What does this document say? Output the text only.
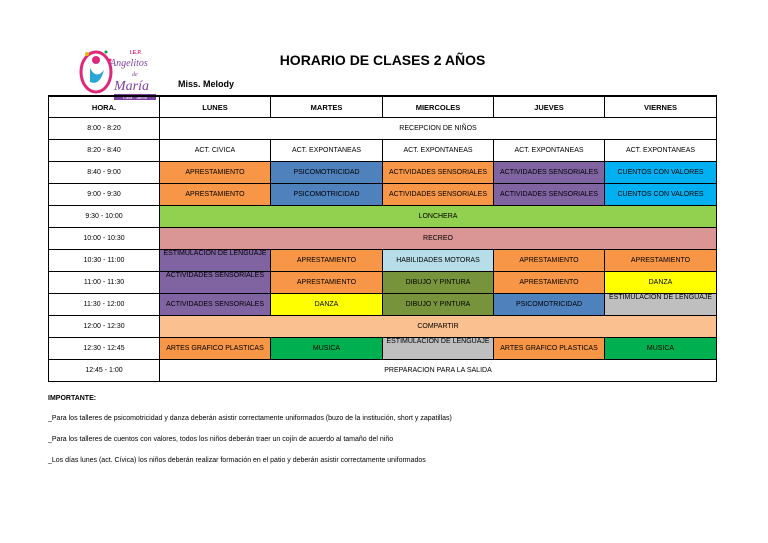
I.E.P.
Angelitos
de
María
Casa - Jardín
HORARIO DE CLASES 2 AÑOS
Miss. Melody
HORA.	LUNES	MARTES	MIERCOLES	JUEVES	VIERNES
8:00 - 8:20	RECEPCION DE NIÑOS				
8:20 - 8:40	ACT. CIVICA	ACT. EXPONTANEAS	ACT. EXPONTANEAS	ACT. EXPONTANEAS	ACT. EXPONTANEAS
8:40 - 9:00	APRESTAMIENTO	PSICOMOTRICIDAD	ACTIVIDADES SENSORIALES	ACTIVIDADES SENSORIALES	CUENTOS CON VALORES
9:00 - 9:30	APRESTAMIENTO	PSICOMOTRICIDAD	ACTIVIDADES SENSORIALES	ACTIVIDADES SENSORIALES	CUENTOS CON VALORES
9:30 - 10:00	LONCHERA				
10:00 - 10:30	RECREO				
10:30 - 11:00	ESTIMULACION DE LENGUAJE	APRESTAMIENTO	HABILIDADES MOTORAS	APRESTAMIENTO	APRESTAMIENTO
11:00 - 11:30	ACTIVIDADES SENSORIALES	APRESTAMIENTO	DIBUJO Y PINTURA	APRESTAMIENTO	DANZA
11:30 - 12:00	ACTIVIDADES SENSORIALES	DANZA	DIBUJO Y PINTURA	PSICOMOTRICIDAD	ESTIMULACION DE LENGUAJE
12:00 - 12:30	COMPARTIR				
12:30 - 12:45	ARTES GRAFICO PLASTICAS	MUSICA	ESTIMULACION DE LENGUAJE	ARTES GRAFICO PLASTICAS	MUSICA
12:45 - 1:00	PREPARACION PARA LA SALIDA				
IMPORTANTE:
_Para los talleres de psicomotricidad y danza deberán asistir correctamente uniformados (buzo de la institución, short y zapatillas)
_Para los talleres de cuentos con valores, todos los niños deberán traer un cojín de acuerdo al tamaño del niño
_Los días lunes (act. Cívica) los niños deberán realizar formación en el patio y deberán asistir correctamente uniformados
